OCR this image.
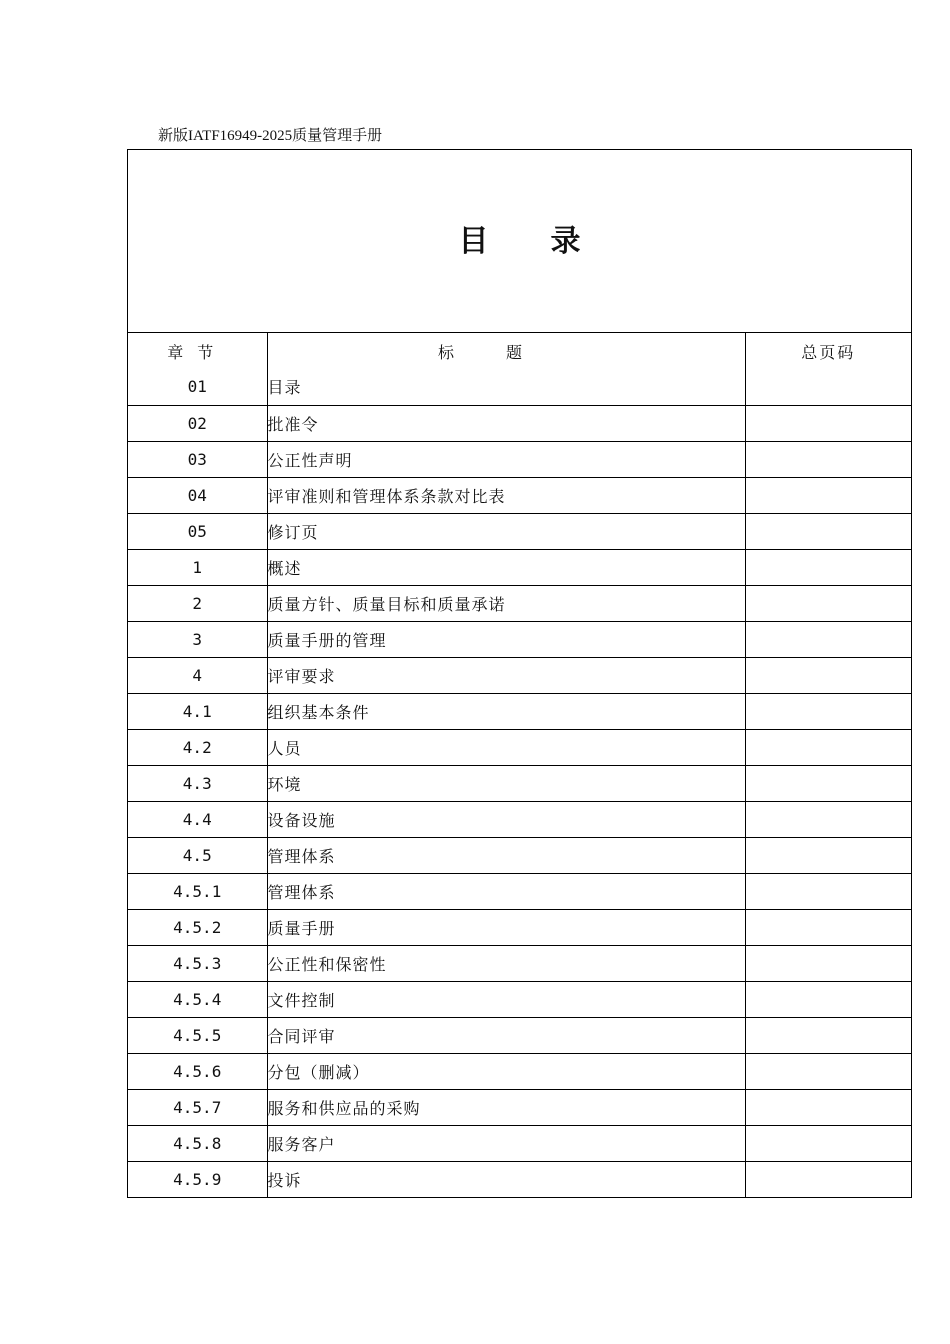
新版IATF16949-2025质量管理手册
目录
章节	标题	总页码
01	目录	
02	批准令	
03	公正性声明	
04	评审准则和管理体系条款对比表	
05	修订页	
1	概述	
2	质量方针、质量目标和质量承诺	
3	质量手册的管理	
4	评审要求	
4.1	组织基本条件	
4.2	人员	
4.3	环境	
4.4	设备设施	
4.5	管理体系	
4.5.1	管理体系	
4.5.2	质量手册	
4.5.3	公正性和保密性	
4.5.4	文件控制	
4.5.5	合同评审	
4.5.6	分包（删减）	
4.5.7	服务和供应品的采购	
4.5.8	服务客户	
4.5.9	投诉	
